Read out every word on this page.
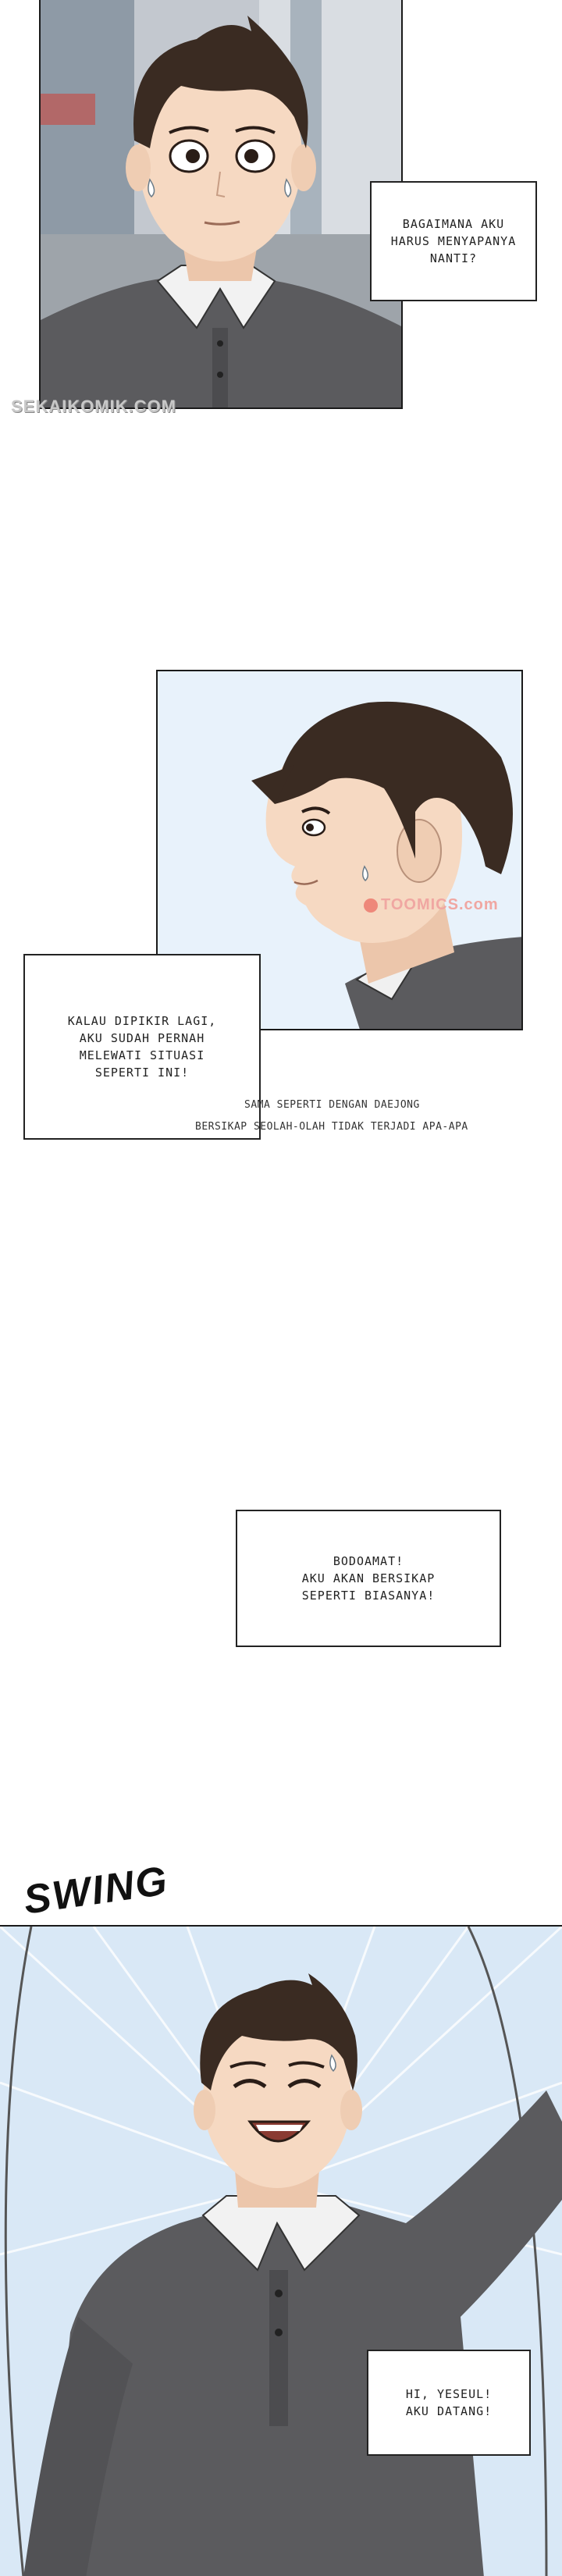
BAGAIMANA AKU
HARUS MENYAPANYA
NANTI?
SEKAIKOMIK.COM
TOOMICS.com
KALAU DIPIKIR LAGI,
AKU SUDAH PERNAH
MELEWATI SITUASI
SEPERTI INI!
SAMA SEPERTI DENGAN DAEJONG
BERSIKAP SEOLAH-OLAH TIDAK TERJADI APA-APA
BODOAMAT!
AKU AKAN BERSIKAP
SEPERTI BIASANYA!
SWING
HI, YESEUL!
AKU DATANG!
